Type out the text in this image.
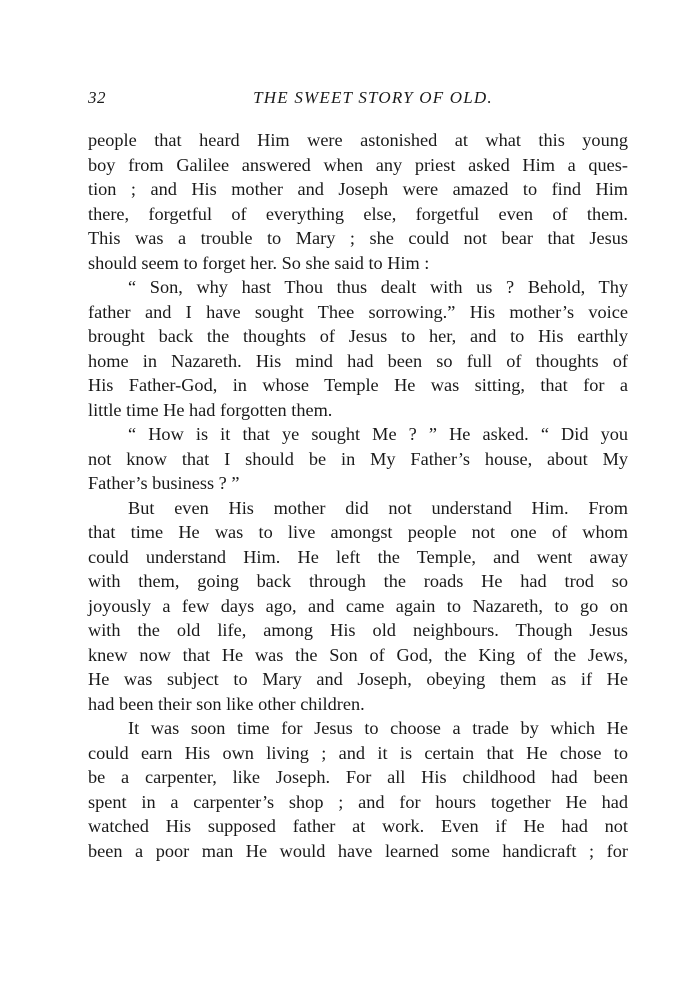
32	THE SWEET STORY OF OLD.

people that heard Him were astonished at what this young

boy from Galilee answered when any priest asked Him a ques-

tion ; and His mother and Joseph were amazed to find Him

there, forgetful of everything else, forgetful even of them.

This was a trouble to Mary ; she could not bear that Jesus

should seem to forget her. So she said to Him :

“ Son, why hast Thou thus dealt with us ? Behold, Thy

father and I have sought Thee sorrowing.” His mother’s voice

brought back the thoughts of Jesus to her, and to His earthly

home in Nazareth. His mind had been so full of thoughts of

His Father-God, in whose Temple He was sitting, that for a

little time He had forgotten them.

“ How is it that ye sought Me ? ” He asked. “ Did you

not know that I should be in My Father’s house, about My

Father’s business ? ”

But even His mother did not understand Him. From

that time He was to live amongst people not one of whom

could understand Him. He left the Temple, and went away

with them, going back through the roads He had trod so

joyously a few days ago, and came again to Nazareth, to go on

with the old life, among His old neighbours. Though Jesus

knew now that He was the Son of God, the King of the Jews,

He was subject to Mary and Joseph, obeying them as if He

had been their son like other children.

It was soon time for Jesus to choose a trade by which He

could earn His own living ; and it is certain that He chose to

be a carpenter, like Joseph. For all His childhood had been

spent in a carpenter’s shop ; and for hours together He had

watched His supposed father at work. Even if He had not

been a poor man He would have learned some handicraft ; for
